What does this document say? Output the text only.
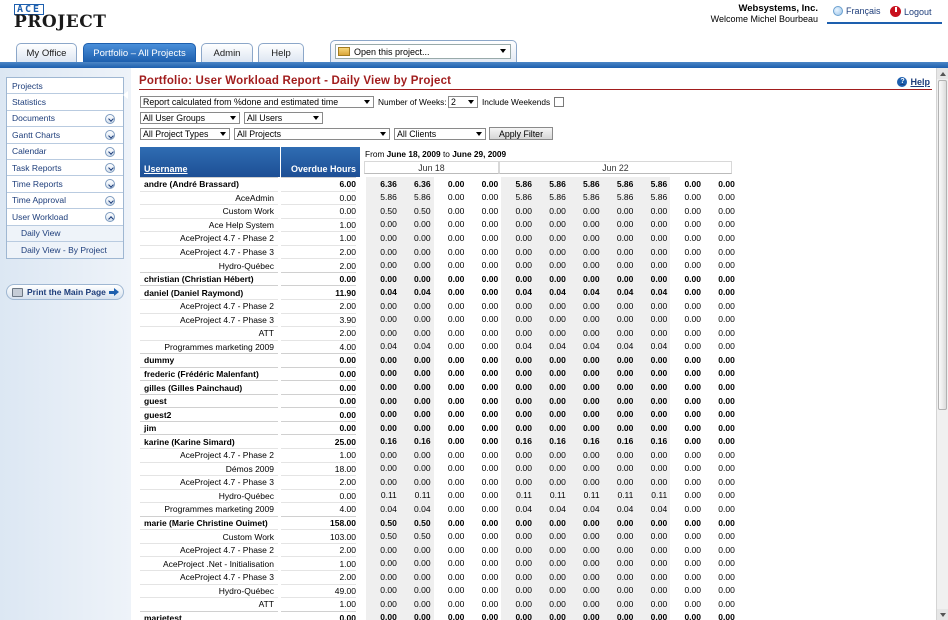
ACE
PROJECT
Websystems, Inc.
Welcome Michel Bourbeau
Français	Logout
My Office	Portfolio – All Projects	Admin	Help	Open this project...
Projects
Statistics
Documents
Gantt Charts
Calendar
Task Reports
Time Reports
Time Approval
User Workload
Daily View
Daily View - By Project
Print the Main Page
Portfolio: User Workload Report - Daily View by Project	? Help
Report calculated from %done and estimated time	Number of Weeks: 2	Include Weekends
All User Groups	All Users
All Project Types	All Projects	All Clients	Apply Filter
Username	Overdue Hours
From June 18, 2009 to June 29, 2009
Jun 18	Jun 22
andre (André Brassard)	6.00	6.36	6.36	0.00	0.00	5.86	5.86	5.86	5.86	5.86	0.00	0.00
AceAdmin	0.00	5.86	5.86	0.00	0.00	5.86	5.86	5.86	5.86	5.86	0.00	0.00
Custom Work	0.00	0.50	0.50	0.00	0.00	0.00	0.00	0.00	0.00	0.00	0.00	0.00
Ace Help System	1.00	0.00	0.00	0.00	0.00	0.00	0.00	0.00	0.00	0.00	0.00	0.00
AceProject 4.7 - Phase 2	1.00	0.00	0.00	0.00	0.00	0.00	0.00	0.00	0.00	0.00	0.00	0.00
AceProject 4.7 - Phase 3	2.00	0.00	0.00	0.00	0.00	0.00	0.00	0.00	0.00	0.00	0.00	0.00
Hydro-Québec	2.00	0.00	0.00	0.00	0.00	0.00	0.00	0.00	0.00	0.00	0.00	0.00
christian (Christian Hébert)	0.00	0.00	0.00	0.00	0.00	0.00	0.00	0.00	0.00	0.00	0.00	0.00
daniel (Daniel Raymond)	11.90	0.04	0.04	0.00	0.00	0.04	0.04	0.04	0.04	0.04	0.00	0.00
AceProject 4.7 - Phase 2	2.00	0.00	0.00	0.00	0.00	0.00	0.00	0.00	0.00	0.00	0.00	0.00
AceProject 4.7 - Phase 3	3.90	0.00	0.00	0.00	0.00	0.00	0.00	0.00	0.00	0.00	0.00	0.00
ATT	2.00	0.00	0.00	0.00	0.00	0.00	0.00	0.00	0.00	0.00	0.00	0.00
Programmes marketing 2009	4.00	0.04	0.04	0.00	0.00	0.04	0.04	0.04	0.04	0.04	0.00	0.00
dummy	0.00	0.00	0.00	0.00	0.00	0.00	0.00	0.00	0.00	0.00	0.00	0.00
frederic (Frédéric Malenfant)	0.00	0.00	0.00	0.00	0.00	0.00	0.00	0.00	0.00	0.00	0.00	0.00
gilles (Gilles Painchaud)	0.00	0.00	0.00	0.00	0.00	0.00	0.00	0.00	0.00	0.00	0.00	0.00
guest	0.00	0.00	0.00	0.00	0.00	0.00	0.00	0.00	0.00	0.00	0.00	0.00
guest2	0.00	0.00	0.00	0.00	0.00	0.00	0.00	0.00	0.00	0.00	0.00	0.00
jim	0.00	0.00	0.00	0.00	0.00	0.00	0.00	0.00	0.00	0.00	0.00	0.00
karine (Karine Simard)	25.00	0.16	0.16	0.00	0.00	0.16	0.16	0.16	0.16	0.16	0.00	0.00
AceProject 4.7 - Phase 2	1.00	0.00	0.00	0.00	0.00	0.00	0.00	0.00	0.00	0.00	0.00	0.00
Démos 2009	18.00	0.00	0.00	0.00	0.00	0.00	0.00	0.00	0.00	0.00	0.00	0.00
AceProject 4.7 - Phase 3	2.00	0.00	0.00	0.00	0.00	0.00	0.00	0.00	0.00	0.00	0.00	0.00
Hydro-Québec	0.00	0.11	0.11	0.00	0.00	0.11	0.11	0.11	0.11	0.11	0.00	0.00
Programmes marketing 2009	4.00	0.04	0.04	0.00	0.00	0.04	0.04	0.04	0.04	0.04	0.00	0.00
marie (Marie Christine Ouimet)	158.00	0.50	0.50	0.00	0.00	0.00	0.00	0.00	0.00	0.00	0.00	0.00
Custom Work	103.00	0.50	0.50	0.00	0.00	0.00	0.00	0.00	0.00	0.00	0.00	0.00
AceProject 4.7 - Phase 2	2.00	0.00	0.00	0.00	0.00	0.00	0.00	0.00	0.00	0.00	0.00	0.00
AceProject .Net - Initialisation	1.00	0.00	0.00	0.00	0.00	0.00	0.00	0.00	0.00	0.00	0.00	0.00
AceProject 4.7 - Phase 3	2.00	0.00	0.00	0.00	0.00	0.00	0.00	0.00	0.00	0.00	0.00	0.00
Hydro-Québec	49.00	0.00	0.00	0.00	0.00	0.00	0.00	0.00	0.00	0.00	0.00	0.00
ATT	1.00	0.00	0.00	0.00	0.00	0.00	0.00	0.00	0.00	0.00	0.00	0.00
marietest	0.00	0.00	0.00	0.00	0.00	0.00	0.00	0.00	0.00	0.00	0.00	0.00
